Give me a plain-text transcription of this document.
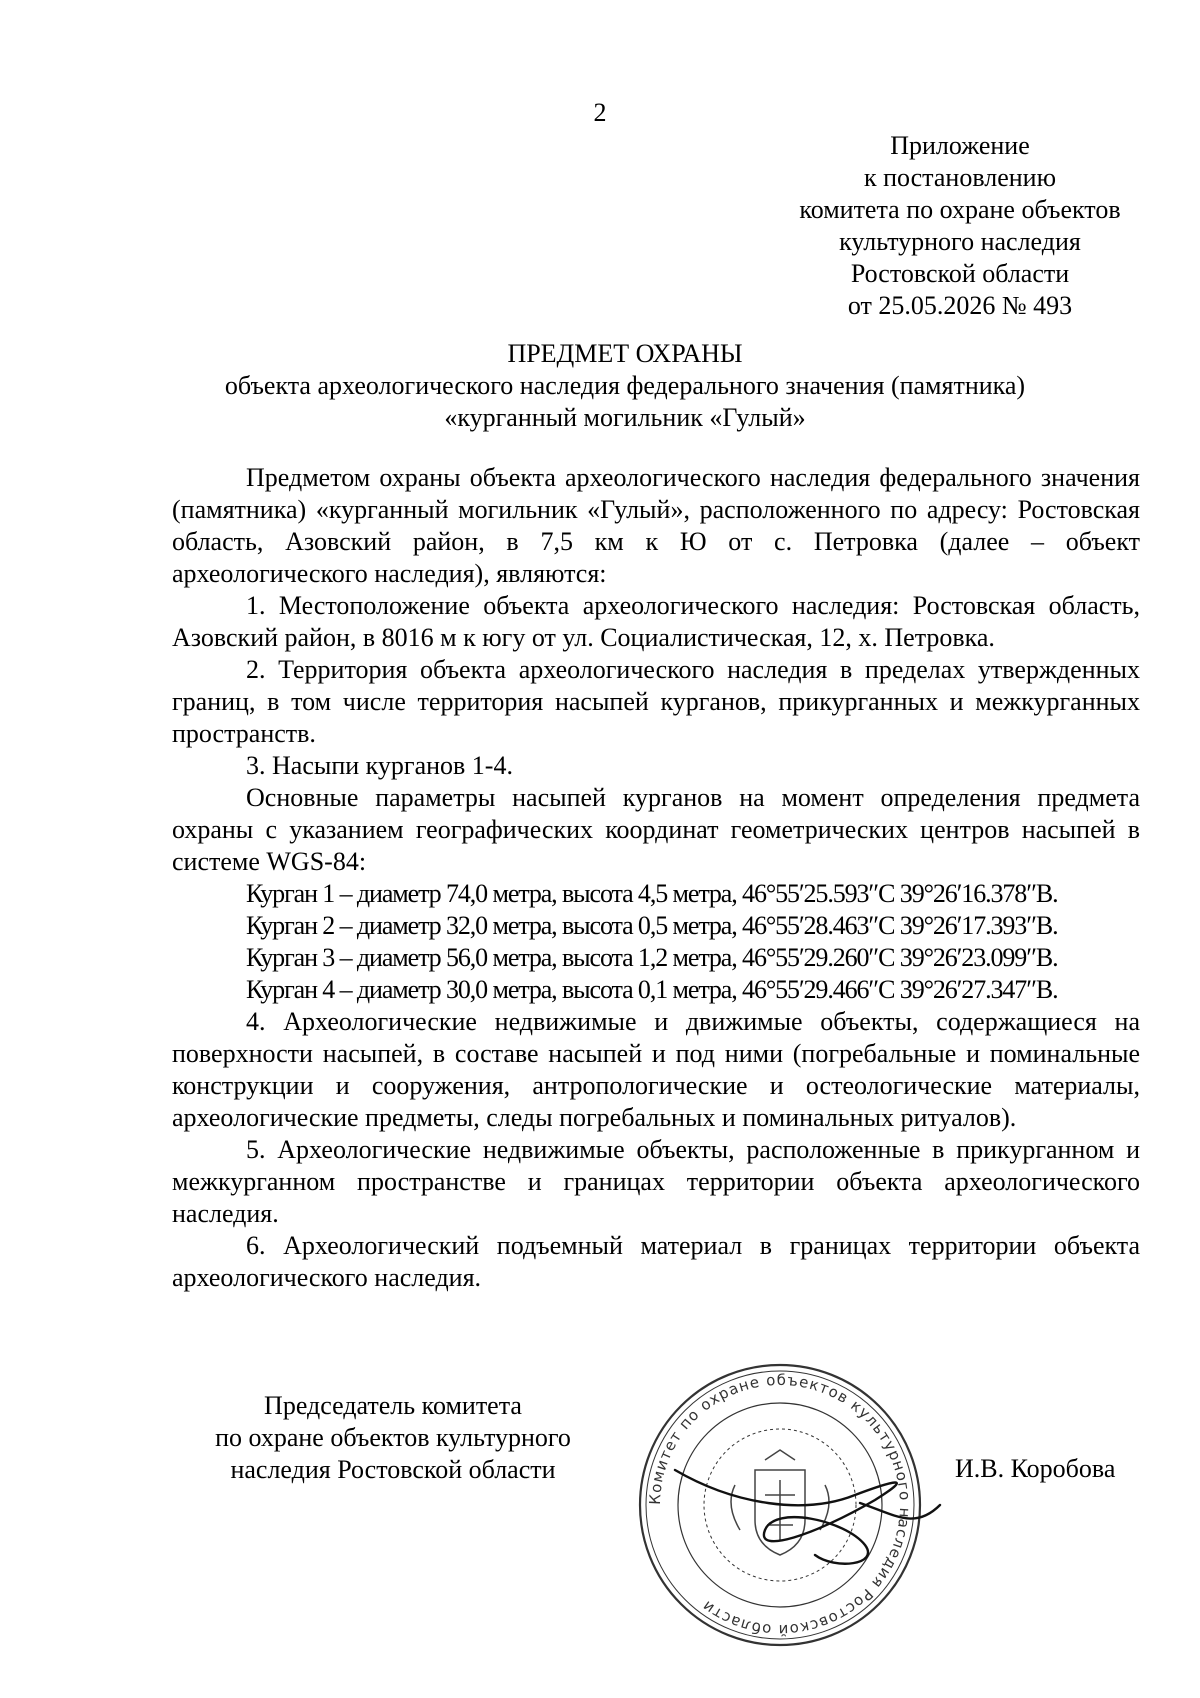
2
Приложение
к постановлению
комитета по охране объектов
культурного наследия
Ростовской области
от 25.05.2026 № 493
ПРЕДМЕТ ОХРАНЫ
объекта археологического наследия федерального значения (памятника)
«курганный могильник «Гулый»

Предметом охраны объекта археологического наследия федерального значения (памятника) «курганный могильник «Гулый», расположенного по адресу: Ростовская область, Азовский район, в 7,5 км к Ю от с. Петровка (далее – объект археологического наследия), являются:

1. Местоположение объекта археологического наследия: Ростовская область, Азовский район, в 8016 м к югу от ул. Социалистическая, 12, х. Петровка.

2. Территория объекта археологического наследия в пределах утвержденных границ, в том числе территория насыпей курганов, прикурганных и межкурганных пространств.

3. Насыпи курганов 1-4.

Основные параметры насыпей курганов на момент определения предмета охраны с указанием географических координат геометрических центров насыпей в системе WGS-84:

Курган 1 – диаметр 74,0 метра, высота 4,5 метра, 46°55′25.593″С 39°26′16.378″В.

Курган 2 – диаметр 32,0 метра, высота 0,5 метра, 46°55′28.463″С 39°26′17.393″В.

Курган 3 – диаметр 56,0 метра, высота 1,2 метра, 46°55′29.260″С 39°26′23.099″В.

Курган 4 – диаметр 30,0 метра, высота 0,1 метра, 46°55′29.466″С 39°26′27.347″В.

4. Археологические недвижимые и движимые объекты, содержащиеся на поверхности насыпей, в составе насыпей и под ними (погребальные и поминальные конструкции и сооружения, антропологические и остеологические материалы, археологические предметы, следы погребальных и поминальных ритуалов).

5. Археологические недвижимые объекты, расположенные в прикурганном и межкурганном пространстве и границах территории объекта археологического наследия.

6. Археологический подъемный материал в границах территории объекта археологического наследия.

Председатель комитета
по охране объектов культурного
наследия Ростовской области
Комитет по охране объектов культурного наследия Ростовской области
И.В. Коробова
